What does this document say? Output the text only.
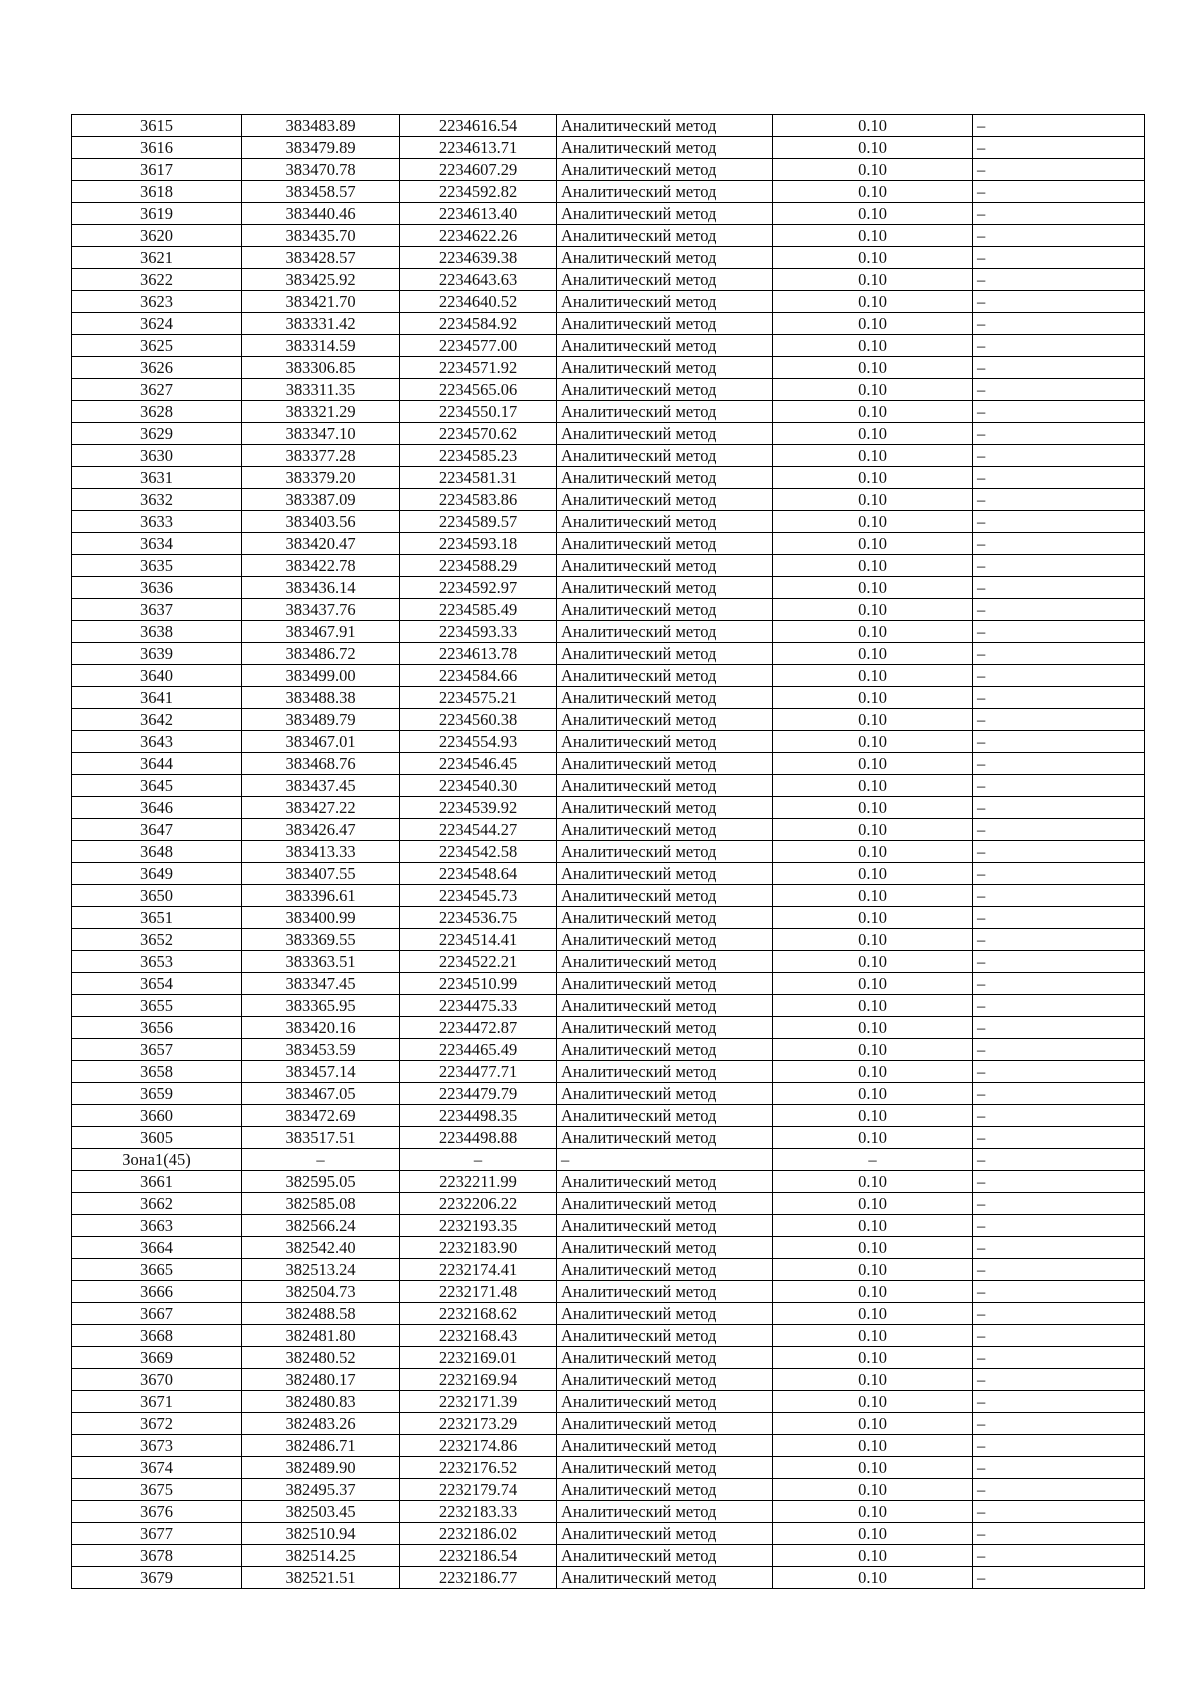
3615	383483.89	2234616.54	Аналитический метод	0.10	–
3616	383479.89	2234613.71	Аналитический метод	0.10	–
3617	383470.78	2234607.29	Аналитический метод	0.10	–
3618	383458.57	2234592.82	Аналитический метод	0.10	–
3619	383440.46	2234613.40	Аналитический метод	0.10	–
3620	383435.70	2234622.26	Аналитический метод	0.10	–
3621	383428.57	2234639.38	Аналитический метод	0.10	–
3622	383425.92	2234643.63	Аналитический метод	0.10	–
3623	383421.70	2234640.52	Аналитический метод	0.10	–
3624	383331.42	2234584.92	Аналитический метод	0.10	–
3625	383314.59	2234577.00	Аналитический метод	0.10	–
3626	383306.85	2234571.92	Аналитический метод	0.10	–
3627	383311.35	2234565.06	Аналитический метод	0.10	–
3628	383321.29	2234550.17	Аналитический метод	0.10	–
3629	383347.10	2234570.62	Аналитический метод	0.10	–
3630	383377.28	2234585.23	Аналитический метод	0.10	–
3631	383379.20	2234581.31	Аналитический метод	0.10	–
3632	383387.09	2234583.86	Аналитический метод	0.10	–
3633	383403.56	2234589.57	Аналитический метод	0.10	–
3634	383420.47	2234593.18	Аналитический метод	0.10	–
3635	383422.78	2234588.29	Аналитический метод	0.10	–
3636	383436.14	2234592.97	Аналитический метод	0.10	–
3637	383437.76	2234585.49	Аналитический метод	0.10	–
3638	383467.91	2234593.33	Аналитический метод	0.10	–
3639	383486.72	2234613.78	Аналитический метод	0.10	–
3640	383499.00	2234584.66	Аналитический метод	0.10	–
3641	383488.38	2234575.21	Аналитический метод	0.10	–
3642	383489.79	2234560.38	Аналитический метод	0.10	–
3643	383467.01	2234554.93	Аналитический метод	0.10	–
3644	383468.76	2234546.45	Аналитический метод	0.10	–
3645	383437.45	2234540.30	Аналитический метод	0.10	–
3646	383427.22	2234539.92	Аналитический метод	0.10	–
3647	383426.47	2234544.27	Аналитический метод	0.10	–
3648	383413.33	2234542.58	Аналитический метод	0.10	–
3649	383407.55	2234548.64	Аналитический метод	0.10	–
3650	383396.61	2234545.73	Аналитический метод	0.10	–
3651	383400.99	2234536.75	Аналитический метод	0.10	–
3652	383369.55	2234514.41	Аналитический метод	0.10	–
3653	383363.51	2234522.21	Аналитический метод	0.10	–
3654	383347.45	2234510.99	Аналитический метод	0.10	–
3655	383365.95	2234475.33	Аналитический метод	0.10	–
3656	383420.16	2234472.87	Аналитический метод	0.10	–
3657	383453.59	2234465.49	Аналитический метод	0.10	–
3658	383457.14	2234477.71	Аналитический метод	0.10	–
3659	383467.05	2234479.79	Аналитический метод	0.10	–
3660	383472.69	2234498.35	Аналитический метод	0.10	–
3605	383517.51	2234498.88	Аналитический метод	0.10	–
Зона1(45)	–	–	–	–	–
3661	382595.05	2232211.99	Аналитический метод	0.10	–
3662	382585.08	2232206.22	Аналитический метод	0.10	–
3663	382566.24	2232193.35	Аналитический метод	0.10	–
3664	382542.40	2232183.90	Аналитический метод	0.10	–
3665	382513.24	2232174.41	Аналитический метод	0.10	–
3666	382504.73	2232171.48	Аналитический метод	0.10	–
3667	382488.58	2232168.62	Аналитический метод	0.10	–
3668	382481.80	2232168.43	Аналитический метод	0.10	–
3669	382480.52	2232169.01	Аналитический метод	0.10	–
3670	382480.17	2232169.94	Аналитический метод	0.10	–
3671	382480.83	2232171.39	Аналитический метод	0.10	–
3672	382483.26	2232173.29	Аналитический метод	0.10	–
3673	382486.71	2232174.86	Аналитический метод	0.10	–
3674	382489.90	2232176.52	Аналитический метод	0.10	–
3675	382495.37	2232179.74	Аналитический метод	0.10	–
3676	382503.45	2232183.33	Аналитический метод	0.10	–
3677	382510.94	2232186.02	Аналитический метод	0.10	–
3678	382514.25	2232186.54	Аналитический метод	0.10	–
3679	382521.51	2232186.77	Аналитический метод	0.10	–
